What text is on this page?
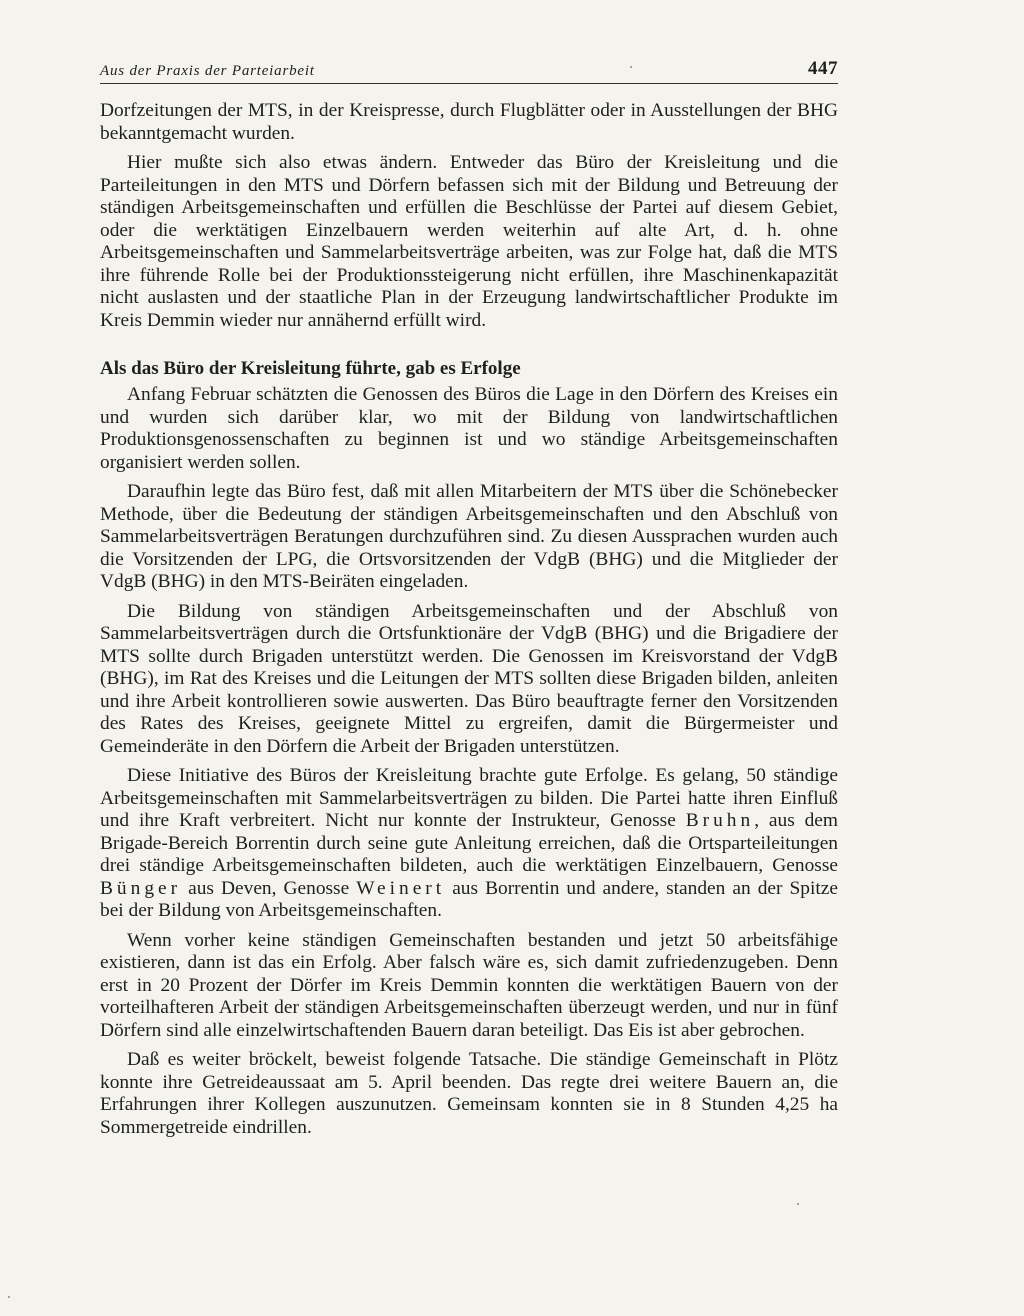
Aus der Praxis der Parteiarbeit	447

Dorfzeitungen der MTS, in der Kreispresse, durch Flugblätter oder in Ausstellungen der BHG bekanntgemacht wurden.

Hier mußte sich also etwas ändern. Entweder das Büro der Kreisleitung und die Parteileitungen in den MTS und Dörfern befassen sich mit der Bildung und Betreuung der ständigen Arbeitsgemeinschaften und erfüllen die Beschlüsse der Partei auf diesem Gebiet, oder die werktätigen Einzelbauern werden weiterhin auf alte Art, d. h. ohne Arbeitsgemeinschaften und Sammelarbeitsverträge arbeiten, was zur Folge hat, daß die MTS ihre führende Rolle bei der Produktionssteigerung nicht erfüllen, ihre Maschinenkapazität nicht auslasten und der staatliche Plan in der Erzeugung landwirtschaftlicher Produkte im Kreis Demmin wieder nur annähernd erfüllt wird.

Als das Büro der Kreisleitung führte, gab es Erfolge

Anfang Februar schätzten die Genossen des Büros die Lage in den Dörfern des Kreises ein und wurden sich darüber klar, wo mit der Bildung von landwirtschaftlichen Produktionsgenossenschaften zu beginnen ist und wo ständige Arbeitsgemeinschaften organisiert werden sollen.

Daraufhin legte das Büro fest, daß mit allen Mitarbeitern der MTS über die Schönebecker Methode, über die Bedeutung der ständigen Arbeitsgemeinschaften und den Abschluß von Sammelarbeitsverträgen Beratungen durchzuführen sind. Zu diesen Aussprachen wurden auch die Vorsitzenden der LPG, die Ortsvorsitzenden der VdgB (BHG) und die Mitglieder der VdgB (BHG) in den MTS-Beiräten eingeladen.

Die Bildung von ständigen Arbeitsgemeinschaften und der Abschluß von Sammelarbeitsverträgen durch die Ortsfunktionäre der VdgB (BHG) und die Brigadiere der MTS sollte durch Brigaden unterstützt werden. Die Genossen im Kreisvorstand der VdgB (BHG), im Rat des Kreises und die Leitungen der MTS sollten diese Brigaden bilden, anleiten und ihre Arbeit kontrollieren sowie auswerten. Das Büro beauftragte ferner den Vorsitzenden des Rates des Kreises, geeignete Mittel zu ergreifen, damit die Bürgermeister und Gemeinderäte in den Dörfern die Arbeit der Brigaden unterstützen.

Diese Initiative des Büros der Kreisleitung brachte gute Erfolge. Es gelang, 50 ständige Arbeitsgemeinschaften mit Sammelarbeitsverträgen zu bilden. Die Partei hatte ihren Einfluß und ihre Kraft verbreitert. Nicht nur konnte der Instrukteur, Genosse Bruhn, aus dem Brigade-Bereich Borrentin durch seine gute Anleitung erreichen, daß die Ortsparteileitungen drei ständige Arbeitsgemeinschaften bildeten, auch die werktätigen Einzelbauern, Genosse Bünger aus Deven, Genosse Weinert aus Borrentin und andere, standen an der Spitze bei der Bildung von Arbeitsgemeinschaften.

Wenn vorher keine ständigen Gemeinschaften bestanden und jetzt 50 arbeitsfähige existieren, dann ist das ein Erfolg. Aber falsch wäre es, sich damit zufriedenzugeben. Denn erst in 20 Prozent der Dörfer im Kreis Demmin konnten die werktätigen Bauern von der vorteilhafteren Arbeit der ständigen Arbeitsgemeinschaften überzeugt werden, und nur in fünf Dörfern sind alle einzelwirtschaftenden Bauern daran beteiligt. Das Eis ist aber gebrochen.

Daß es weiter bröckelt, beweist folgende Tatsache. Die ständige Gemeinschaft in Plötz konnte ihre Getreideaussaat am 5. April beenden. Das regte drei weitere Bauern an, die Erfahrungen ihrer Kollegen auszunutzen. Gemeinsam konnten sie in 8 Stunden 4,25 ha Sommergetreide eindrillen.
